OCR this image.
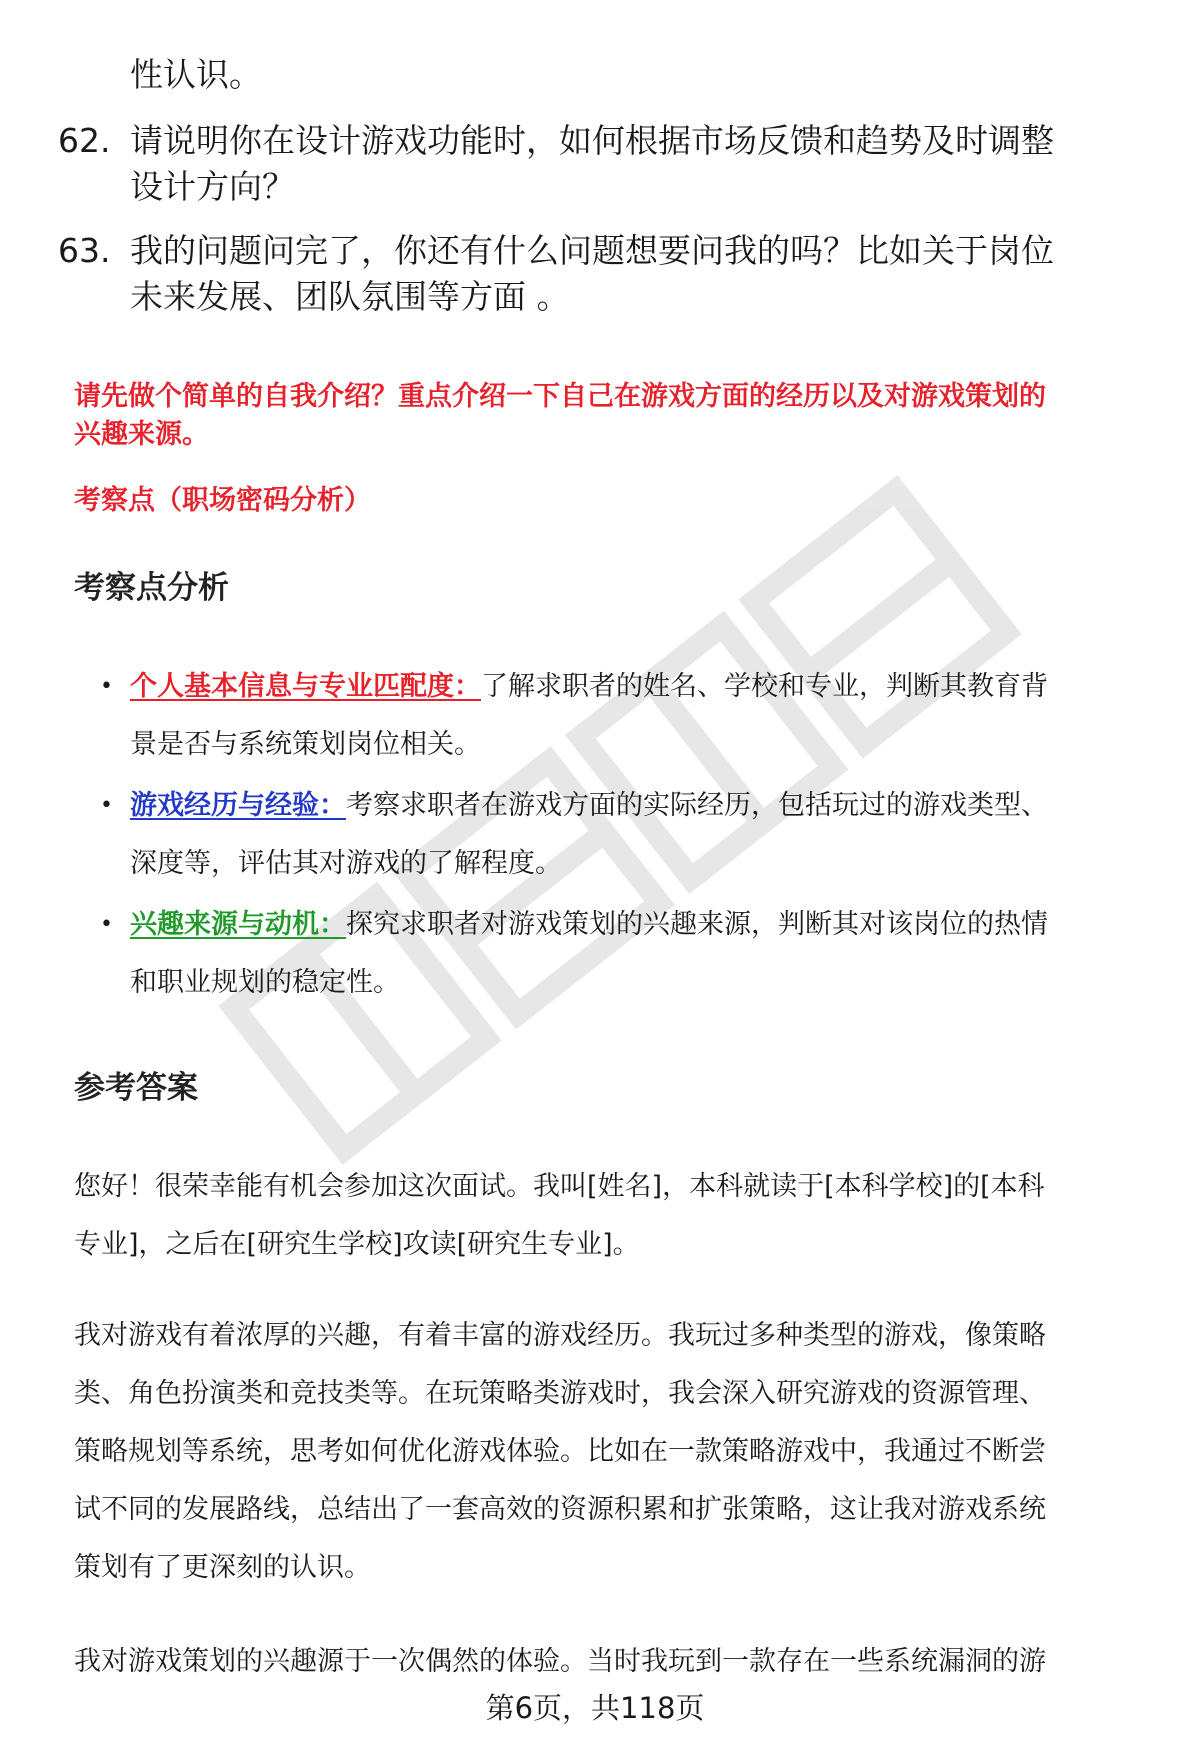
性认识。
62. 请说明你在设计游戏功能时，如何根据市场反馈和趋势及时调整
设计方向？
63. 我的问题问完了，你还有什么问题想要问我的吗？比如关于岗位
未来发展、团队氛围等方面 。
请先做个简单的自我介绍？重点介绍一下自己在游戏方面的经历以及对游戏策划的
兴趣来源。
考察点（职场密码分析）
考察点分析
• 个人基本信息与专业匹配度：了解求职者的姓名、学校和专业，判断其教育背
景是否与系统策划岗位相关。
• 游戏经历与经验：考察求职者在游戏方面的实际经历，包括玩过的游戏类型、
深度等，评估其对游戏的了解程度。
• 兴趣来源与动机：探究求职者对游戏策划的兴趣来源，判断其对该岗位的热情
和职业规划的稳定性。
参考答案
您好！很荣幸能有机会参加这次面试。我叫[姓名]，本科就读于[本科学校]的[本科
专业]，之后在[研究生学校]攻读[研究生专业]。
我对游戏有着浓厚的兴趣，有着丰富的游戏经历。我玩过多种类型的游戏，像策略
类、角色扮演类和竞技类等。在玩策略类游戏时，我会深入研究游戏的资源管理、
策略规划等系统，思考如何优化游戏体验。比如在一款策略游戏中，我通过不断尝
试不同的发展路线，总结出了一套高效的资源积累和扩张策略，这让我对游戏系统
策划有了更深刻的认识。
我对游戏策划的兴趣源于一次偶然的体验。当时我玩到一款存在一些系统漏洞的游
第6页，共118页
